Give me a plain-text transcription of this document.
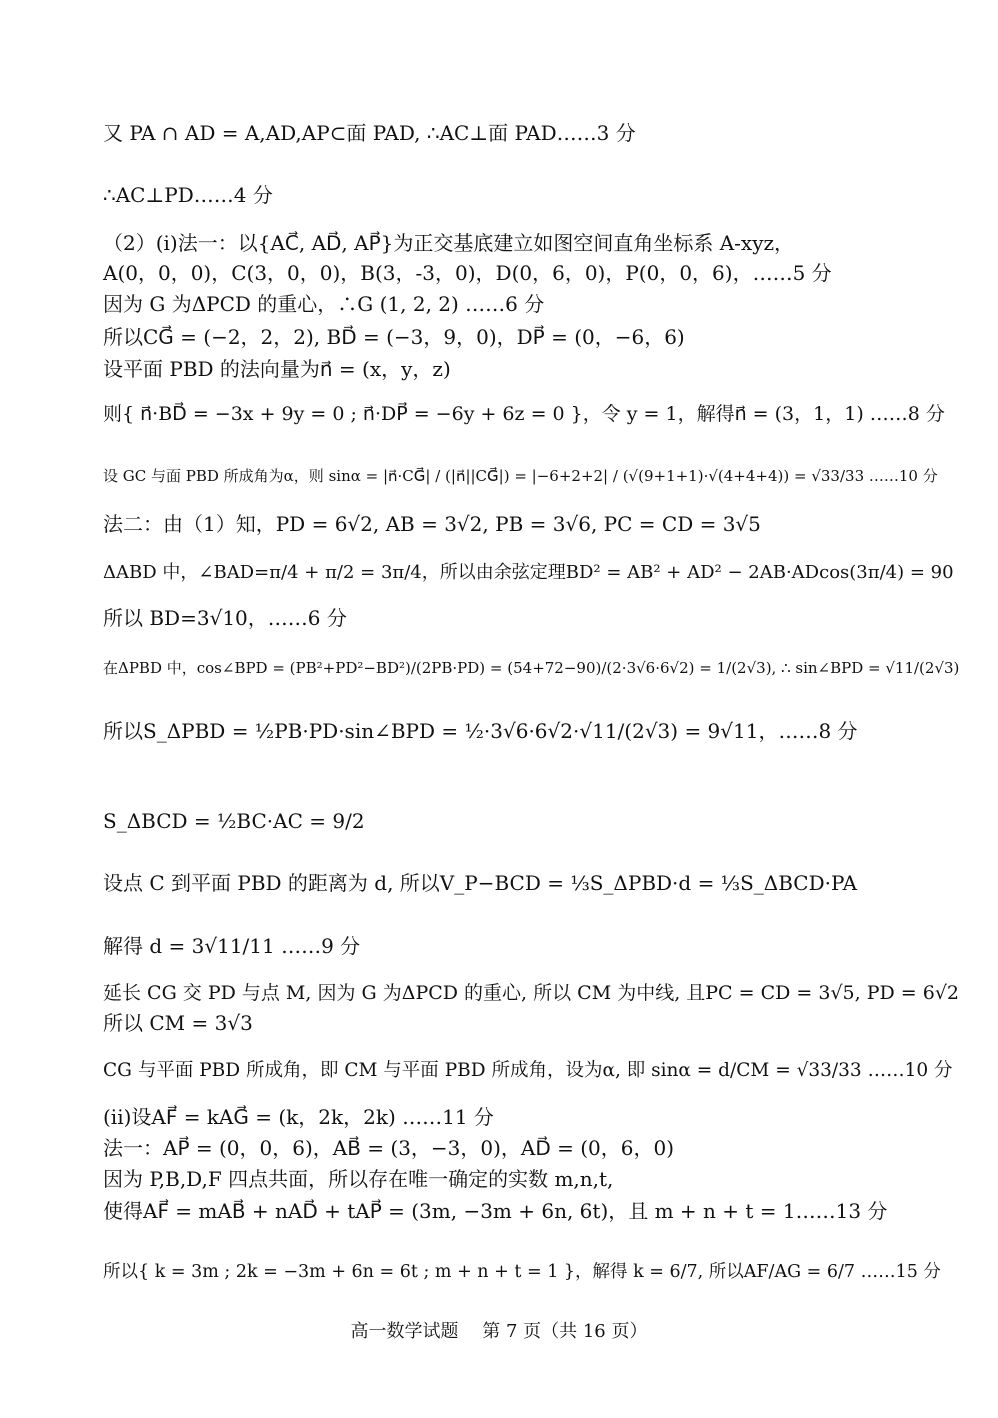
又 PA ∩ AD = A,AD,AP⊂面 PAD, ∴AC⊥面 PAD……3 分
∴AC⊥PD……4 分
（2）(i)法一：以{AC⃗, AD⃗, AP⃗}为正交基底建立如图空间直角坐标系 A-xyz，
A(0，0，0)，C(3，0，0)，B(3，-3，0)，D(0，6，0)，P(0，0，6)，……5 分
因为 G 为ΔPCD 的重心，∴G (1, 2, 2) ……6 分
所以CG⃗ = (−2，2，2), BD⃗ = (−3，9，0)，DP⃗ = (0，−6，6)
设平面 PBD 的法向量为n⃗ = (x，y，z)
则{ n⃗·BD⃗ = −3x + 9y = 0 ; n⃗·DP⃗ = −6y + 6z = 0 }，令 y = 1，解得n⃗ = (3，1，1) ……8 分
设 GC 与面 PBD 所成角为α，则 sinα = |n⃗·CG⃗| / (|n⃗||CG⃗|) = |−6+2+2| / (√(9+1+1)·√(4+4+4)) = √33/33 ……10 分
法二：由（1）知，PD = 6√2, AB = 3√2, PB = 3√6, PC = CD = 3√5
ΔABD 中，∠BAD=π/4 + π/2 = 3π/4，所以由余弦定理BD² = AB² + AD² − 2AB·ADcos(3π/4) = 90
所以 BD=3√10，……6 分
在ΔPBD 中，cos∠BPD = (PB²+PD²−BD²)/(2PB·PD) = (54+72−90)/(2·3√6·6√2) = 1/(2√3), ∴ sin∠BPD = √11/(2√3)
所以S_ΔPBD = ½PB·PD·sin∠BPD = ½·3√6·6√2·√11/(2√3) = 9√11，……8 分
S_ΔBCD = ½BC·AC = 9/2
设点 C 到平面 PBD 的距离为 d, 所以V_P−BCD = ⅓S_ΔPBD·d = ⅓S_ΔBCD·PA
解得 d = 3√11/11 ……9 分
延长 CG 交 PD 与点 M, 因为 G 为ΔPCD 的重心, 所以 CM 为中线, 且PC = CD = 3√5, PD = 6√2
所以 CM = 3√3
CG 与平面 PBD 所成角，即 CM 与平面 PBD 所成角，设为α, 即 sinα = d/CM = √33/33 ……10 分
(ii)设AF⃗ = kAG⃗ = (k，2k，2k) ……11 分
法一：AP⃗ = (0，0，6)，AB⃗ = (3，−3，0)，AD⃗ = (0，6，0)
因为 P,B,D,F 四点共面，所以存在唯一确定的实数 m,n,t,
使得AF⃗ = mAB⃗ + nAD⃗ + tAP⃗ = (3m, −3m + 6n, 6t)，且 m + n + t = 1……13 分
所以{ k = 3m ; 2k = −3m + 6n = 6t ; m + n + t = 1 }，解得 k = 6/7, 所以AF/AG = 6/7 ……15 分
高一数学试题　 第 7 页（共 16 页）
